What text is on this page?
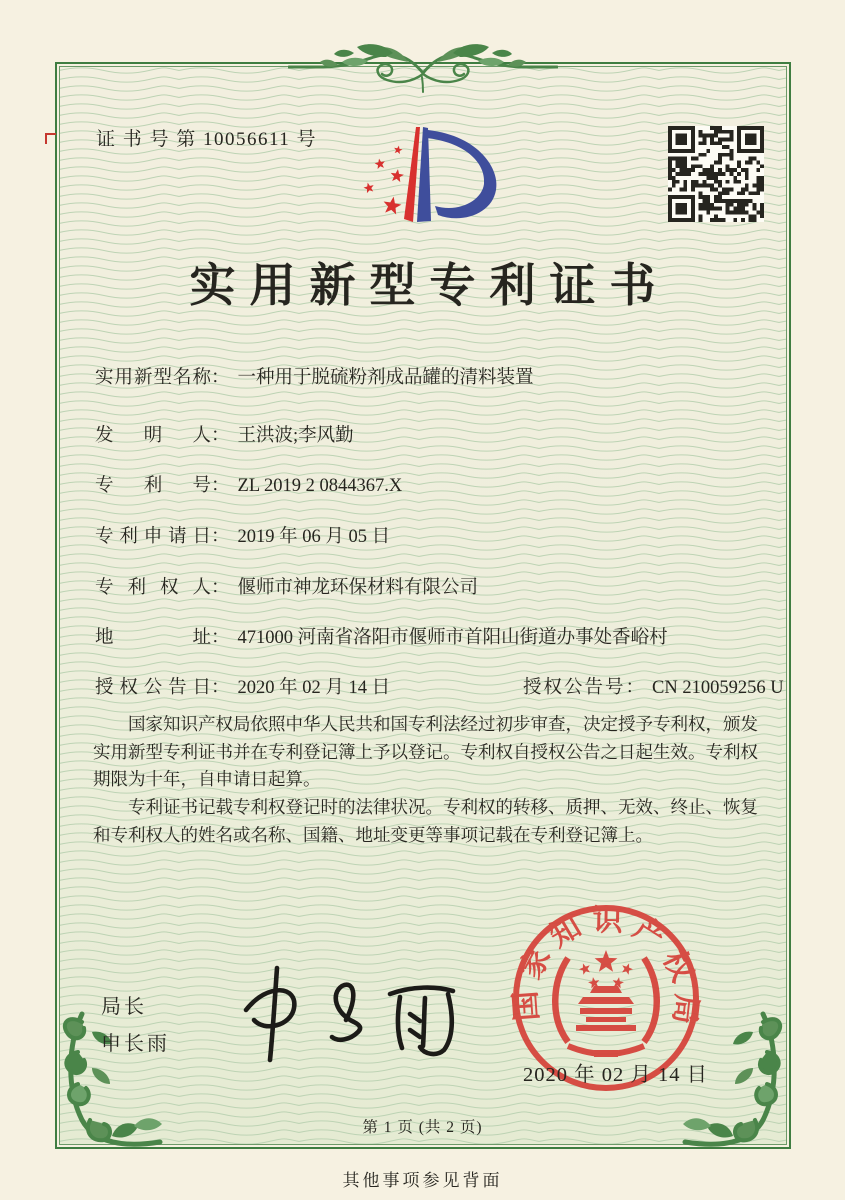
证 书 号 第 10056611 号
实用新型专利证书
实用新型名称： 一种用于脱硫粉剂成品罐的清料装置
发明人： 王洪波;李风勤
专利号： ZL 2019 2 0844367.X
专利申请日： 2019 年 06 月 05 日
专利权人： 偃师市神龙环保材料有限公司
地址： 471000 河南省洛阳市偃师市首阳山街道办事处香峪村
授权公告日： 2020 年 02 月 14 日	授权公告号： CN 210059256 U

国家知识产权局依照中华人民共和国专利法经过初步审查，决定授予专利权，颁发实用新型专利证书并在专利登记簿上予以登记。专利权自授权公告之日起生效。专利权期限为十年，自申请日起算。

专利证书记载专利权登记时的法律状况。专利权的转移、质押、无效、终止、恢复和专利权人的姓名或名称、国籍、地址变更等事项记载在专利登记簿上。

局长
申长雨
国家知识产权局
2020 年 02 月 14 日
第 1 页 (共 2 页)
其他事项参见背面
